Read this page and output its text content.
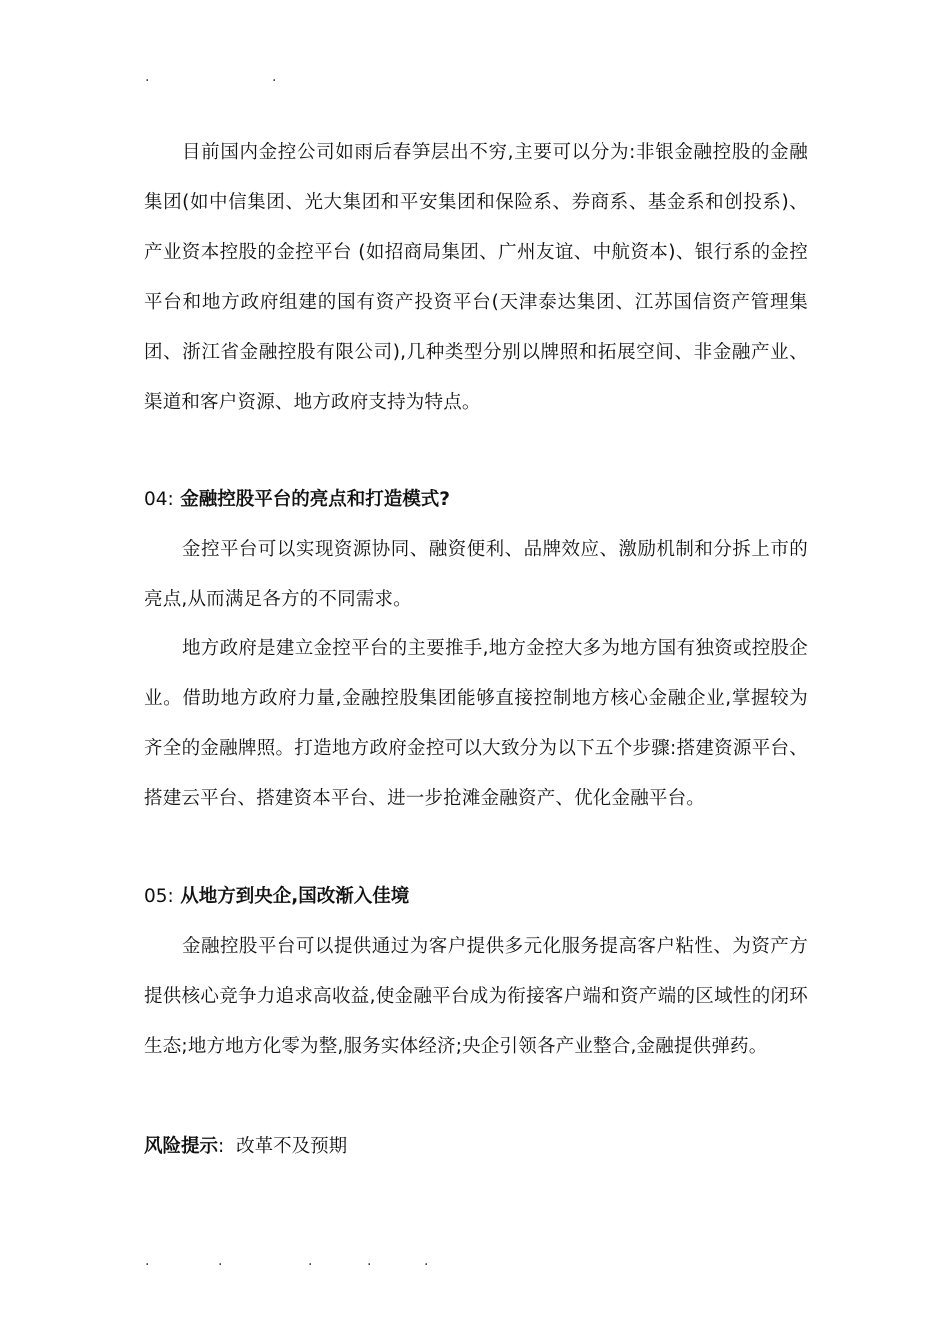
.	.
目前国内金控公司如雨后春笋层出不穷,主要可以分为:非银金融控股的金融集团(如中信集团、光大集团和平安集团和保险系、券商系、基金系和创投系)、产业资本控股的金控平台 (如招商局集团、广州友谊、中航资本)、银行系的金控平台和地方政府组建的国有资产投资平台(天津泰达集团、江苏国信资产管理集团、浙江省金融控股有限公司),几种类型分别以牌照和拓展空间、非金融产业、渠道和客户资源、地方政府支持为特点。
04: 金融控股平台的亮点和打造模式?
金控平台可以实现资源协同、融资便利、品牌效应、激励机制和分拆上市的亮点,从而满足各方的不同需求。
地方政府是建立金控平台的主要推手,地方金控大多为地方国有独资或控股企业。借助地方政府力量,金融控股集团能够直接控制地方核心金融企业,掌握较为齐全的金融牌照。打造地方政府金控可以大致分为以下五个步骤:搭建资源平台、搭建云平台、搭建资本平台、进一步抢滩金融资产、优化金融平台。
05: 从地方到央企,国改渐入佳境
金融控股平台可以提供通过为客户提供多元化服务提高客户粘性、为资产方提供核心竞争力追求高收益,使金融平台成为衔接客户端和资产端的区域性的闭环生态;地方地方化零为整,服务实体经济;央企引领各产业整合,金融提供弹药。
风险提示: 改革不及预期
.	.	.	.	.
